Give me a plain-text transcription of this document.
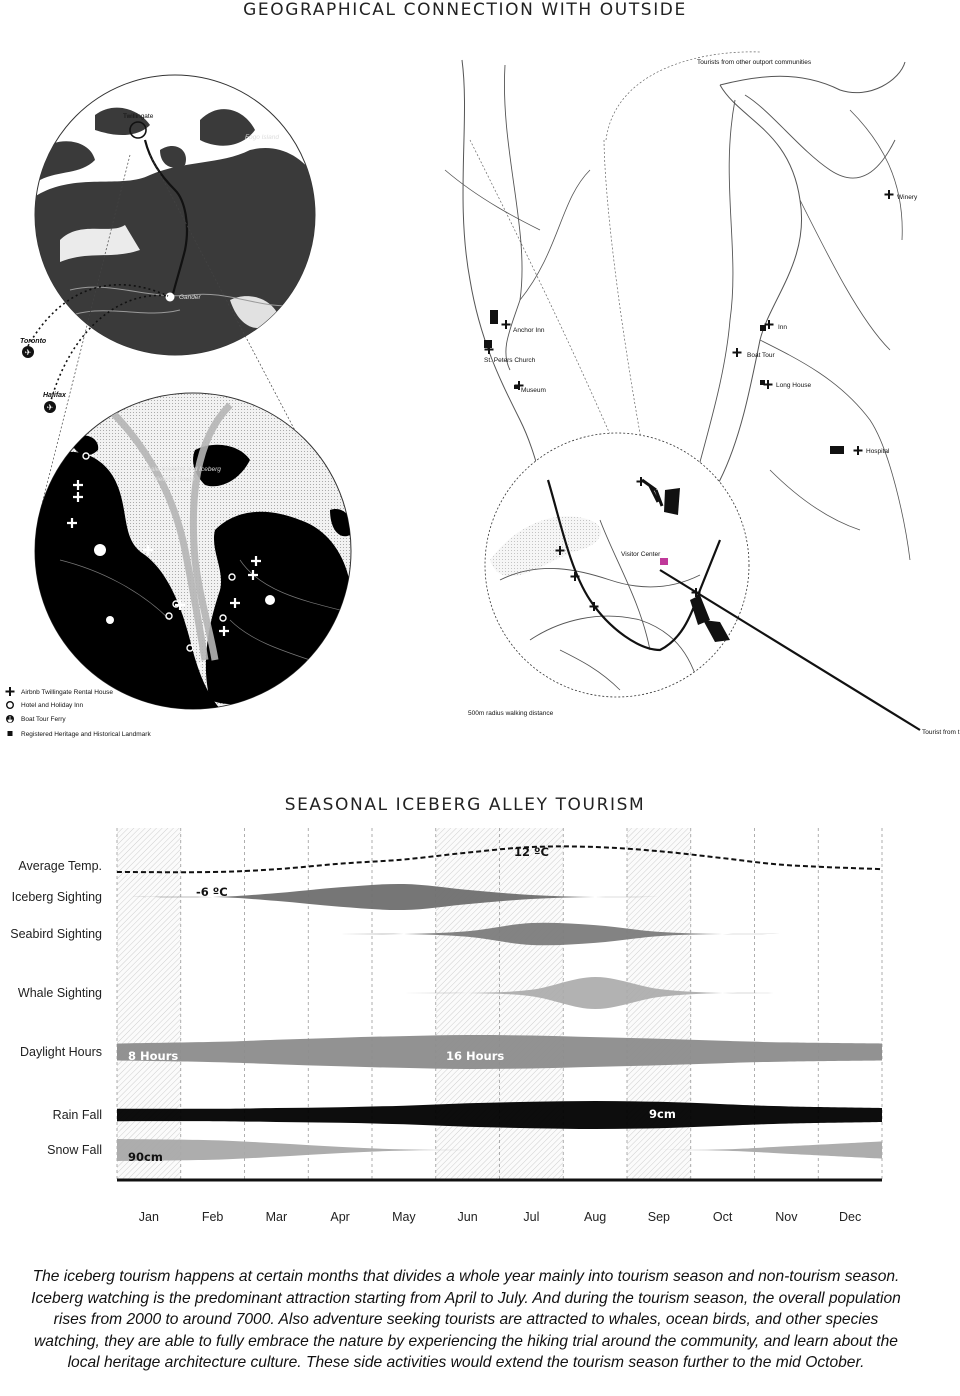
GEOGRAPHICAL CONNECTION WITH OUTSIDE
SEASONAL ICEBERG ALLEY TOURISM
Twillingate
Fogo Island
Gander
✈
Toronto
✈
Halifax
Whale Seeking and Iceberg
Viewing Route
Airbnb Twillingate Rental House
Hotel and Holiday Inn
Boat Tour Ferry
Registered Heritage and Historical Landmark
Tourists from other outport communities
Tourist from t
500m radius walking distance
Visitor Center
Winery
Anchor Inn	Inn
St. Peters Church
Boat Tour
Museum
Long House
Hospital
Average Temp.
Iceberg Sighting
Seabird Sighting
Whale Sighting
Daylight Hours
Rain Fall
Snow Fall
Jan	Feb	Mar	Apr	May	Jun	Jul	Aug	Sep	Oct	Nov	Dec
12 ºC
-6 ºC
8 Hours	16 Hours
9cm
90cm
The iceberg tourism happens at certain months that divides a whole year mainly into tourism season and non-tourism season. Iceberg watching is the predominant attraction starting from April to July. And during the tourism season, the overall population rises from 2000 to around 7000. Also adventure seeking tourists are attracted to whales, ocean birds, and other species watching, they are able to fully embrace the nature by experiencing the hiking trial around the community, and learn about the local heritage architecture culture. These side activities would extend the tourism season further to the mid October.
